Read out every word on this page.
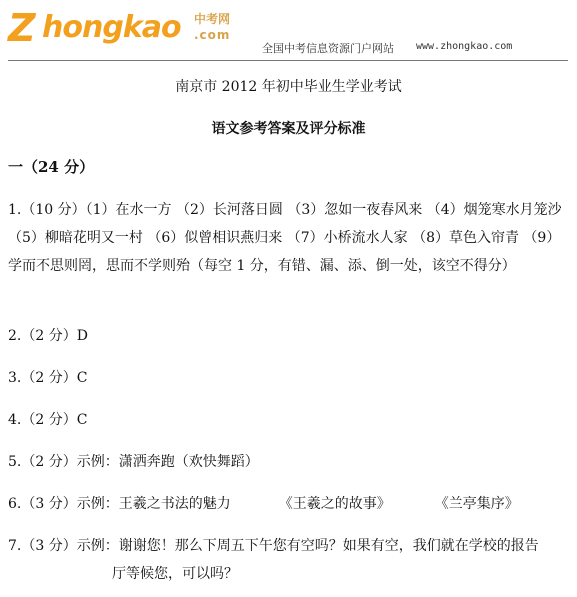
Z hongkao 中考网
.com
全国中考信息资源门户网站 www.zhongkao.com
南京市 2012 年初中毕业生学业考试
语文参考答案及评分标准
一（24 分）
1.（10 分）（1）在水一方 （2）长河落日圆 （3）忽如一夜春风来 （4）烟笼寒水月笼沙 （5）柳暗花明又一村 （6）似曾相识燕归来 （7）小桥流水人家 （8）草色入帘青 （9）学而不思则罔，思而不学则殆（每空 1 分，有错、漏、添、倒一处，该空不得分）
2.（2 分）D
3.（2 分）C
4.（2 分）C
5.（2 分）示例：潇洒奔跑（欢快舞蹈）
6.（3 分）示例：王羲之书法的魅力	《王羲之的故事》	《兰亭集序》
7.（3 分）示例：谢谢您！那么下周五下午您有空吗？如果有空，我们就在学校的报告
厅等候您，可以吗？
